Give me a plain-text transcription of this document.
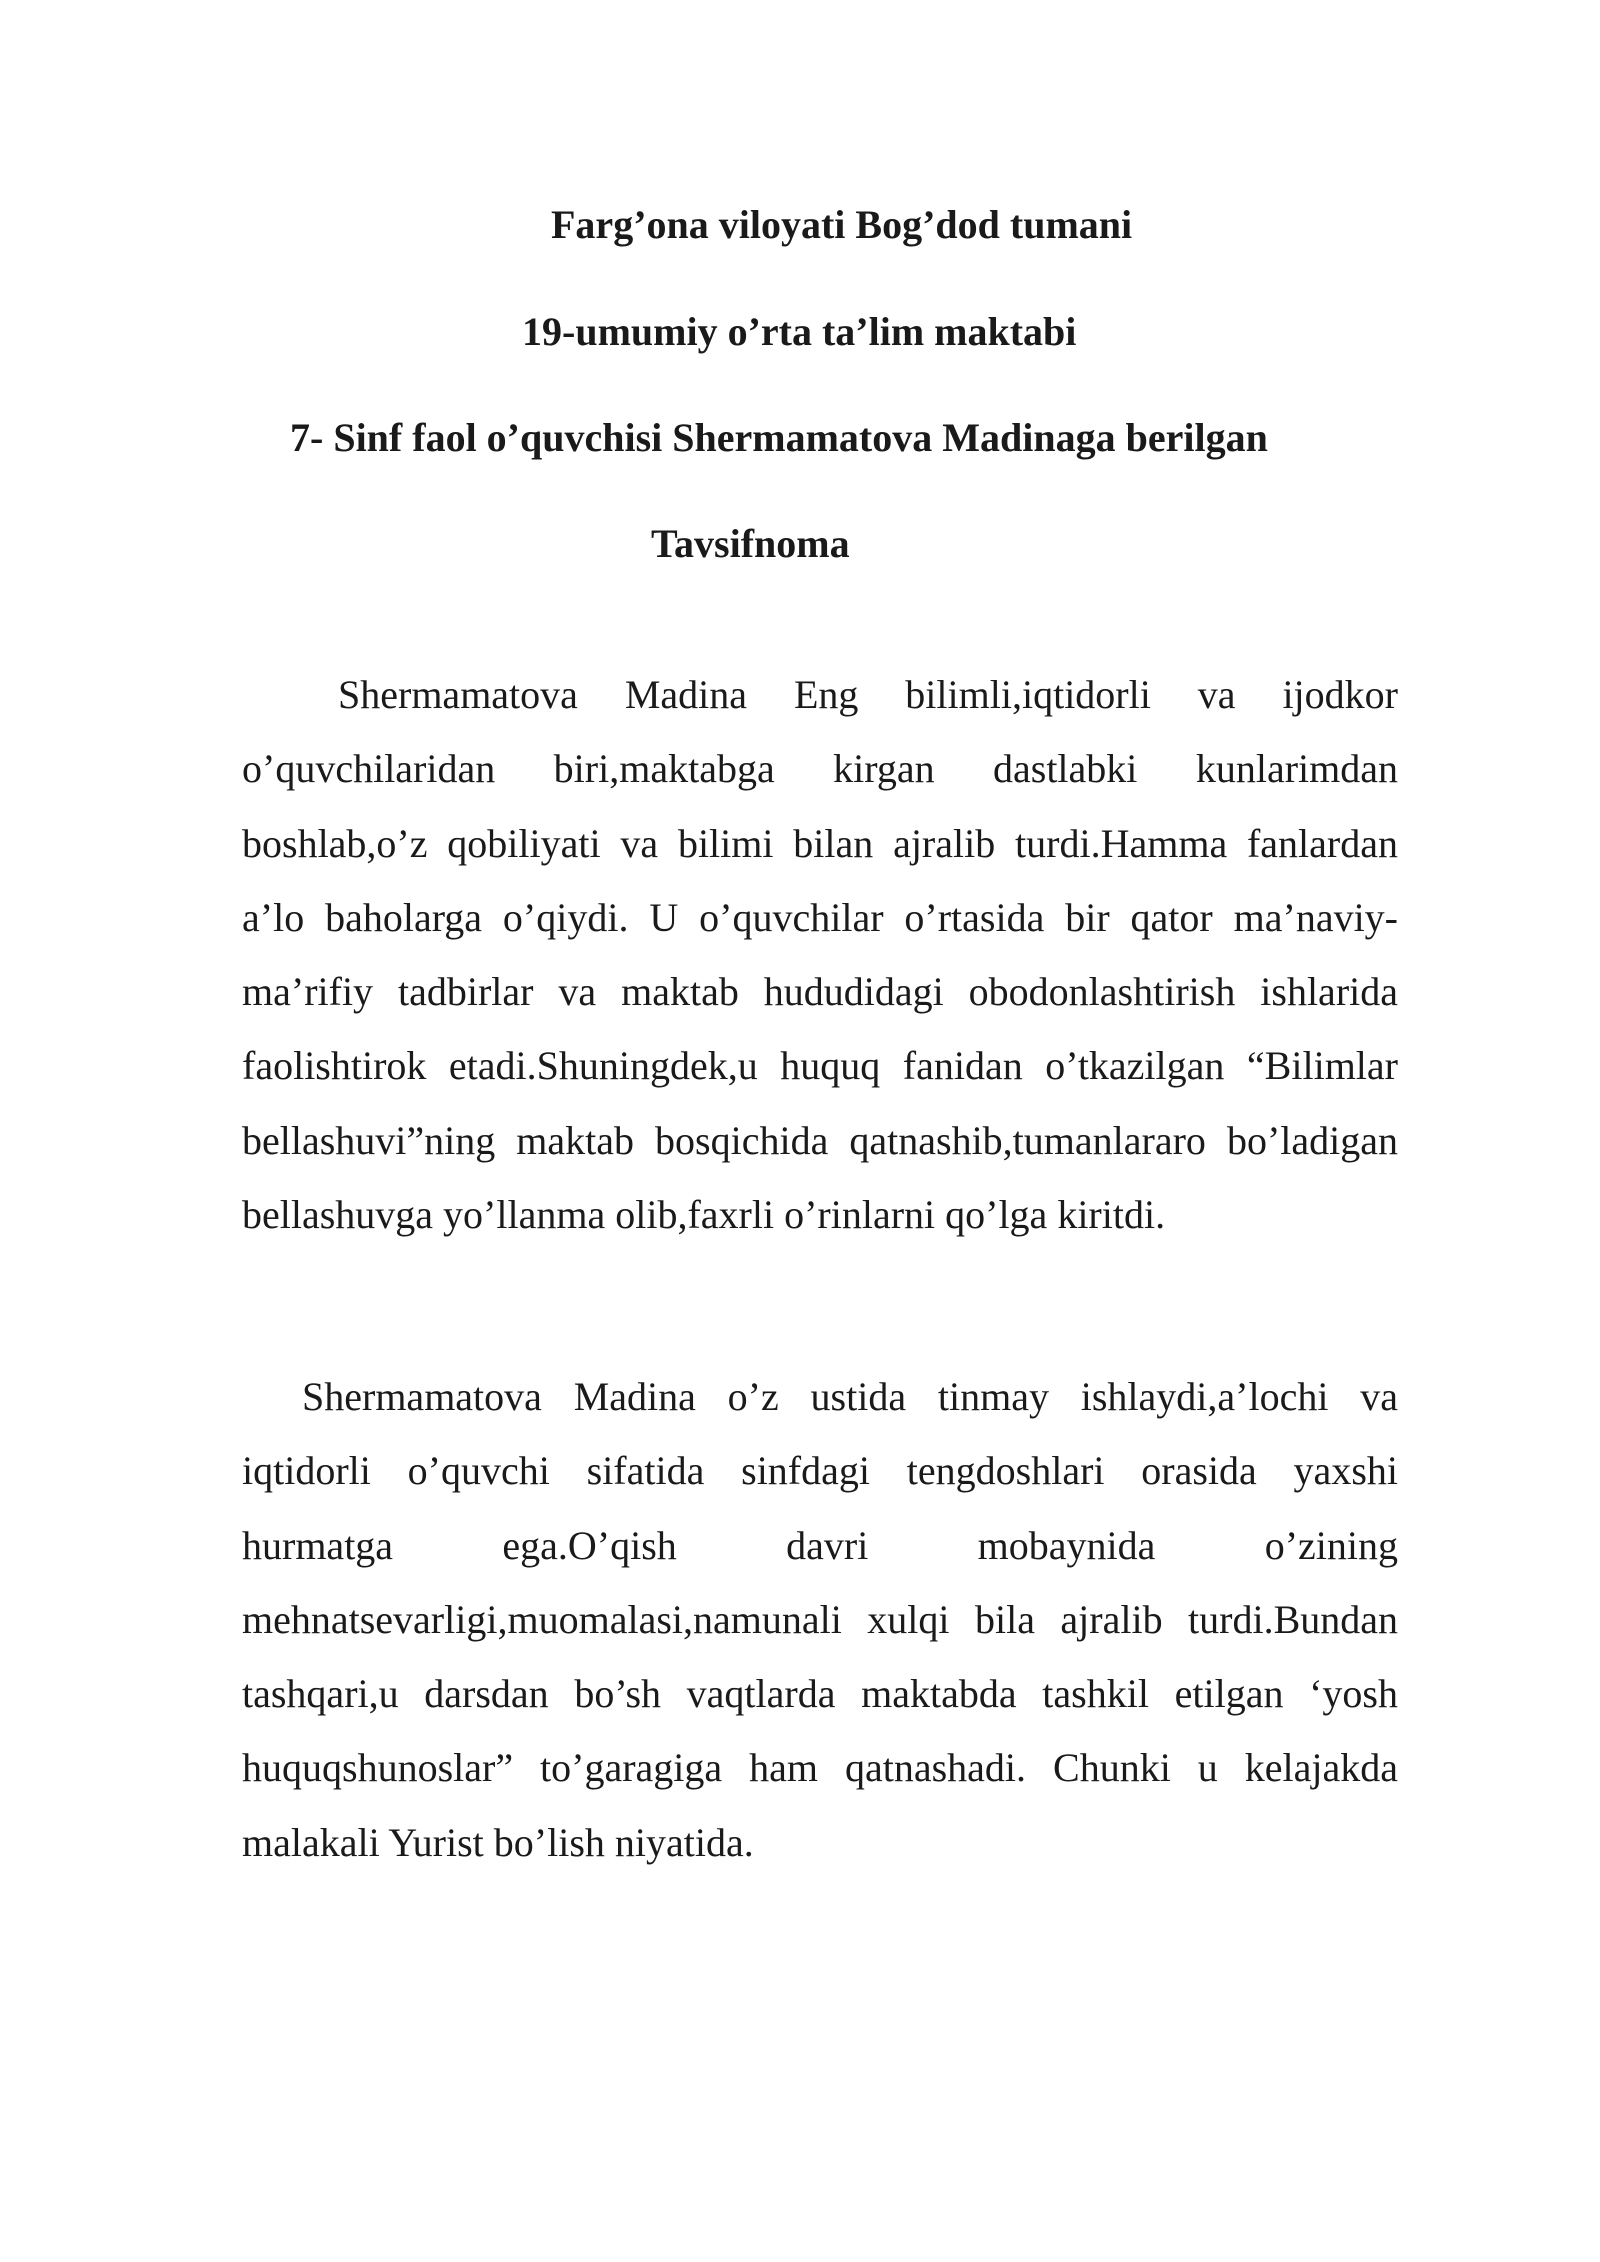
Farg’ona viloyati Bog’dod tumani
19-umumiy o’rta ta’lim maktabi
7- Sinf faol o’quvchisi Shermamatova Madinaga berilgan
Tavsifnoma

Shermamatova Madina Eng bilimli,iqtidorli va ijodkor o’quvchilaridan biri,maktabga kirgan dastlabki kunlarimdan boshlab,o’z qobiliyati va bilimi bilan ajralib turdi.Hamma fanlardan a’lo baholarga o’qiydi. U o’quvchilar o’rtasida bir qator ma’naviy-ma’rifiy tadbirlar va maktab hududidagi obodonlashtirish ishlarida faolishtirok etadi.Shuningdek,u huquq fanidan o’tkazilgan “Bilimlar bellashuvi”ning maktab bosqichida qatnashib,tumanlararo bo’ladigan bellashuvga yo’llanma olib,faxrli o’rinlarni qo’lga kiritdi.

Shermamatova Madina o’z ustida tinmay ishlaydi,a’lochi va iqtidorli o’quvchi sifatida sinfdagi tengdoshlari orasida yaxshi hurmatga ega.O’qish davri mobaynida o’zining mehnatsevarligi,muomalasi,namunali xulqi bila ajralib turdi.Bundan tashqari,u darsdan bo’sh vaqtlarda maktabda tashkil etilgan ‘yosh huquqshunoslar” to’garagiga ham qatnashadi. Chunki u kelajakda malakali Yurist bo’lish niyatida.
